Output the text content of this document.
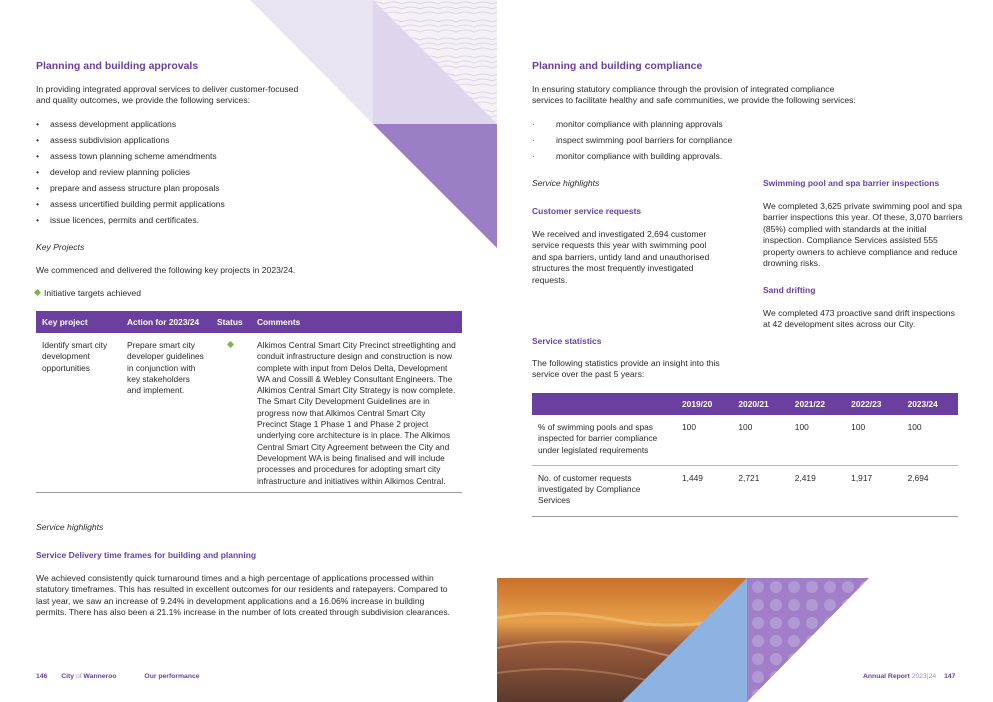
Planning and building approvals
In providing integrated approval services to deliver customer-focused and quality outcomes, we provide the following services:
• assess development applications
• assess subdivision applications
• assess town planning scheme amendments
• develop and review planning policies
• prepare and assess structure plan proposals
• assess uncertified building permit applications
• issue licences, permits and certificates.
Key Projects
We commenced and delivered the following key projects in 2023/24.
Initiative targets achieved
Key project	Action for 2023/24	Status	Comments
Identify smart city development opportunities	Prepare smart city developer guidelines in conjunction with key stakeholders and implement.		Alkimos Central Smart City Precinct streetlighting and conduit infrastructure design and construction is now complete with input from Delos Delta, Development WA and Cossill & Webley Consultant Engineers. The Alkimos Central Smart City Strategy is now complete. The Smart City Development Guidelines are in progress now that Alkimos Central Smart City Precinct Stage 1 Phase 1 and Phase 2 project underlying core architecture is in place. The Alkimos Central Smart City Agreement between the City and Development WA is being finalised and will include processes and procedures for adopting smart city infrastructure and initiatives within Alkimos Central.
Service highlights
Service Delivery time frames for building and planning
We achieved consistently quick turnaround times and a high percentage of applications processed within statutory timeframes. This has resulted in excellent outcomes for our residents and ratepayers. Compared to last year, we saw an increase of 9.24% in development applications and a 16.06% increase in building permits. There has also been a 21.1% increase in the number of lots created through subdivision clearances.
146 City of Wanneroo	Our performance
Planning and building compliance
In ensuring statutory compliance through the provision of integrated compliance services to facilitate healthy and safe communities, we provide the following services:
· monitor compliance with planning approvals
· inspect swimming pool barriers for compliance
· monitor compliance with building approvals.
Service highlights
Customer service requests
We received and investigated 2,694 customer service requests this year with swimming pool and spa barriers, untidy land and unauthorised structures the most frequently investigated requests.
Swimming pool and spa barrier inspections
We completed 3,625 private swimming pool and spa barrier inspections this year. Of these, 3,070 barriers (85%) complied with standards at the initial inspection. Compliance Services assisted 555 property owners to achieve compliance and reduce drowning risks.
Sand drifting
We completed 473 proactive sand drift inspections at 42 development sites across our City.
Service statistics
The following statistics provide an insight into this service over the past 5 years:
	2019/20	2020/21	2021/22	2022/23	2023/24
% of swimming pools and spas inspected for barrier compliance under legislated requirements	100	100	100	100	100
No. of customer requests investigated by Compliance Services	1,449	2,721	2,419	1,917	2,694
Annual Report 2023|24 147
